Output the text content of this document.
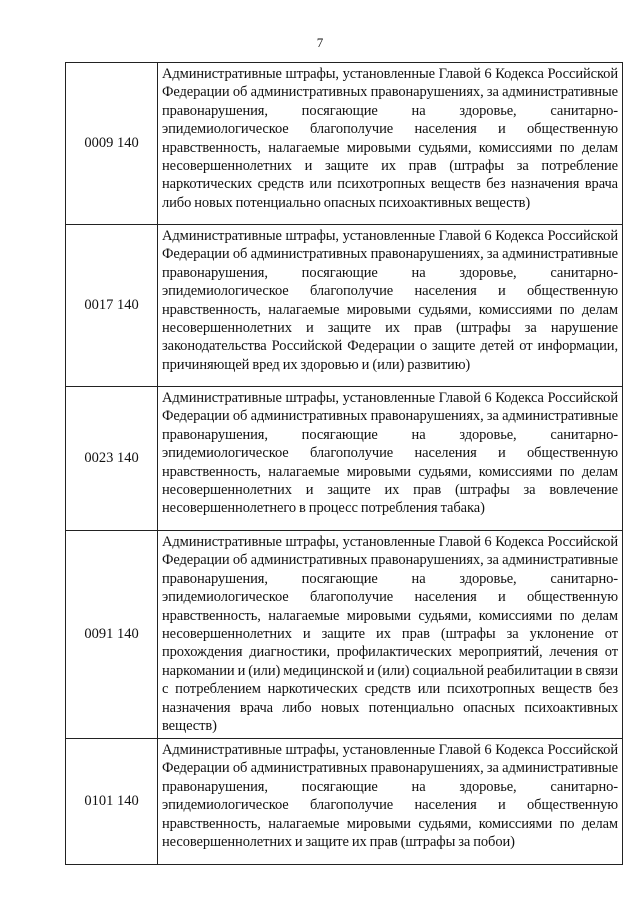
7
0009 140	Административные штрафы, установленные Главой 6 Кодекса Российской Федерации об административных правонарушениях, за административные правонарушения, посягающие на здоровье, санитарно-эпидемиологическое благополучие населения и общественную нравственность, налагаемые мировыми судьями, комиссиями по делам несовершеннолетних и защите их прав (штрафы за потребление наркотических средств или психотропных веществ без назначения врача либо новых потенциально опасных психоактивных веществ)
0017 140	Административные штрафы, установленные Главой 6 Кодекса Российской Федерации об административных правонарушениях, за административные правонарушения, посягающие на здоровье, санитарно-эпидемиологическое благополучие населения и общественную нравственность, налагаемые мировыми судьями, комиссиями по делам несовершеннолетних и защите их прав (штрафы за нарушение законодательства Российской Федерации о защите детей от информации, причиняющей вред их здоровью и (или) развитию)
0023 140	Административные штрафы, установленные Главой 6 Кодекса Российской Федерации об административных правонарушениях, за административные правонарушения, посягающие на здоровье, санитарно-эпидемиологическое благополучие населения и общественную нравственность, налагаемые мировыми судьями, комиссиями по делам несовершеннолетних и защите их прав (штрафы за вовлечение несовершеннолетнего в процесс потребления табака)
0091 140	Административные штрафы, установленные Главой 6 Кодекса Российской Федерации об административных правонарушениях, за административные правонарушения, посягающие на здоровье, санитарно-эпидемиологическое благополучие населения и общественную нравственность, налагаемые мировыми судьями, комиссиями по делам несовершеннолетних и защите их прав (штрафы за уклонение от прохождения диагностики, профилактических мероприятий, лечения от наркомании и (или) медицинской и (или) социальной реабилитации в связи с потреблением наркотических средств или психотропных веществ без назначения врача либо новых потенциально опасных психоактивных веществ)
0101 140	Административные штрафы, установленные Главой 6 Кодекса Российской Федерации об административных правонарушениях, за административные правонарушения, посягающие на здоровье, санитарно-эпидемиологическое благополучие населения и общественную нравственность, налагаемые мировыми судьями, комиссиями по делам несовершеннолетних и защите их прав (штрафы за побои)
